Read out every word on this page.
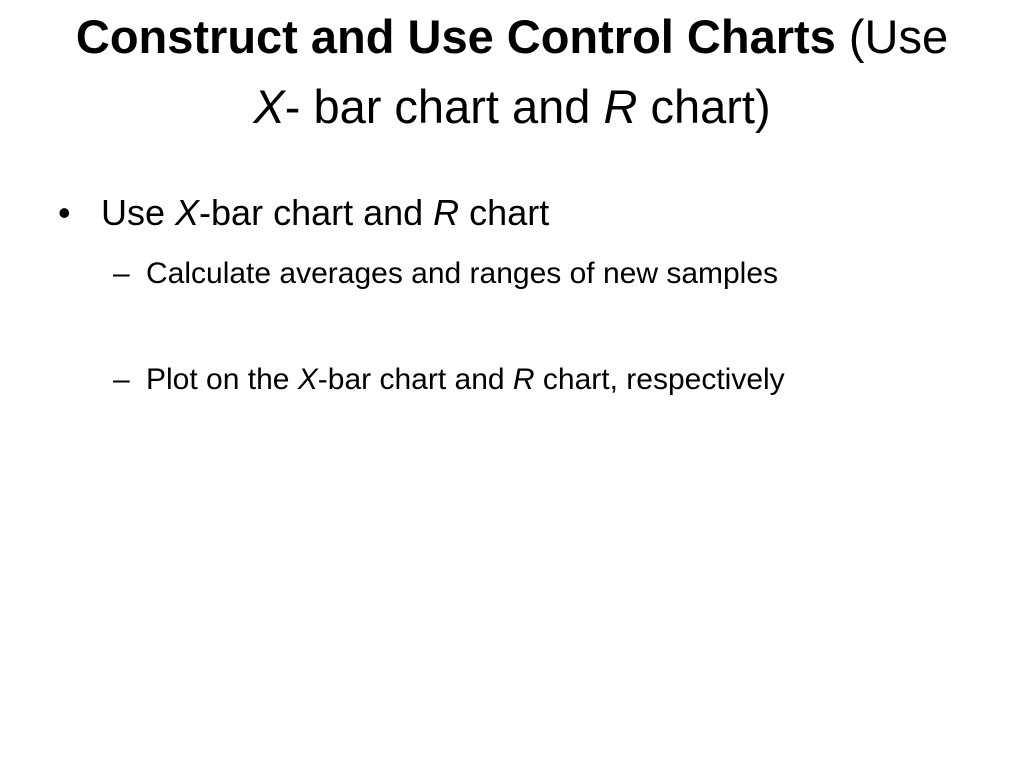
Construct and Use Control Charts (Use X- bar chart and R chart)

• Use X-bar chart and R chart

– Calculate averages and ranges of new samples

– Plot on the X-bar chart and R chart, respectively
